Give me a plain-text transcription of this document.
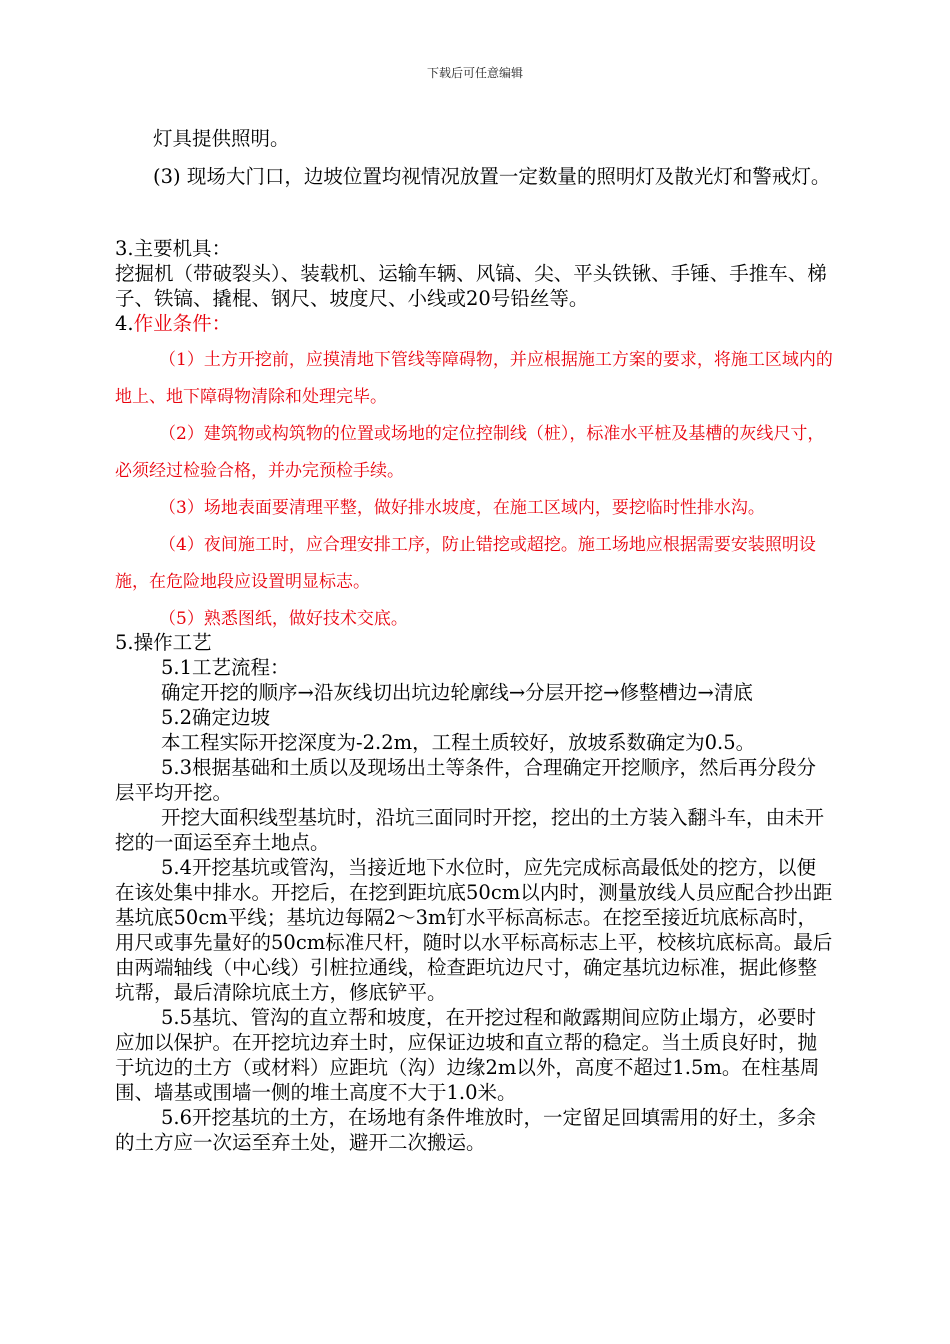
下载后可任意编辑

灯具提供照明。

(3) 现场大门口，边坡位置均视情况放置一定数量的照明灯及散光灯和警戒灯。

3.主要机具：

挖掘机（带破裂头）、装载机、运输车辆、风镐、尖、平头铁锹、手锤、手推车、梯子、铁镐、撬棍、钢尺、坡度尺、小线或20号铅丝等。

4.作业条件：

（1）土方开挖前，应摸清地下管线等障碍物，并应根据施工方案的要求，将施工区域内的地上、地下障碍物清除和处理完毕。

（2）建筑物或构筑物的位置或场地的定位控制线（桩），标准水平桩及基槽的灰线尺寸，必须经过检验合格，并办完预检手续。

（3）场地表面要清理平整，做好排水坡度，在施工区域内，要挖临时性排水沟。

（4）夜间施工时，应合理安排工序，防止错挖或超挖。施工场地应根据需要安装照明设施，在危险地段应设置明显标志。

（5）熟悉图纸，做好技术交底。

5.操作工艺

5.1工艺流程：

确定开挖的顺序→沿灰线切出坑边轮廓线→分层开挖→修整槽边→清底

5.2确定边坡

本工程实际开挖深度为-2.2m，工程土质较好，放坡系数确定为0.5。

5.3根据基础和土质以及现场出土等条件，合理确定开挖顺序，然后再分段分层平均开挖。

开挖大面积线型基坑时，沿坑三面同时开挖，挖出的土方装入翻斗车，由未开挖的一面运至弃土地点。

5.4开挖基坑或管沟，当接近地下水位时，应先完成标高最低处的挖方，以便在该处集中排水。开挖后，在挖到距坑底50cm以内时，测量放线人员应配合抄出距基坑底50cm平线；基坑边每隔2～3m钉水平标高标志。在挖至接近坑底标高时，用尺或事先量好的50cm标准尺杆，随时以水平标高标志上平，校核坑底标高。最后由两端轴线（中心线）引桩拉通线，检查距坑边尺寸，确定基坑边标准，据此修整坑帮，最后清除坑底土方，修底铲平。

5.5基坑、管沟的直立帮和坡度，在开挖过程和敞露期间应防止塌方，必要时应加以保护。在开挖坑边弃土时，应保证边坡和直立帮的稳定。当土质良好时，抛于坑边的土方（或材料）应距坑（沟）边缘2m以外，高度不超过1.5m。在柱基周围、墙基或围墙一侧的堆土高度不大于1.0米。

5.6开挖基坑的土方，在场地有条件堆放时，一定留足回填需用的好土，多余的土方应一次运至弃土处，避开二次搬运。
